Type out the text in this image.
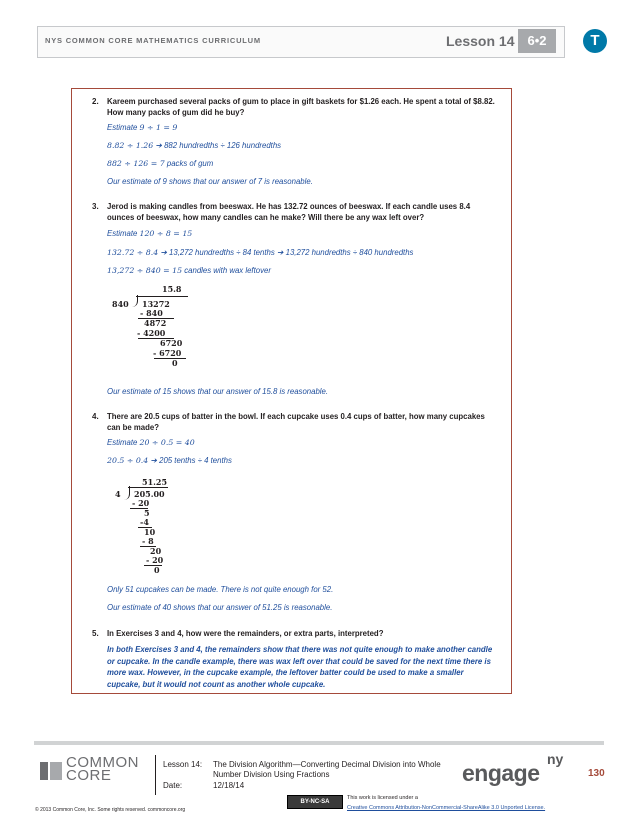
NYS COMMON CORE MATHEMATICS CURRICULUM	Lesson 14	6•2	T
2. Kareem purchased several packs of gum to place in gift baskets for $1.26 each. He spent a total of $8.82. How many packs of gum did he buy?
Estimate 9 ÷ 1 = 9
8.82 ÷ 1.26 ➔ 882 hundredths ÷ 126 hundredths
882 ÷ 126 = 7 packs of gum
Our estimate of 9 shows that our answer of 7 is reasonable.
3. Jerod is making candles from beeswax. He has 132.72 ounces of beeswax. If each candle uses 8.4 ounces of beeswax, how many candles can he make? Will there be any wax left over?
Estimate 120 ÷ 8 = 15
132.72 ÷ 8.4 ➔ 13,272 hundredths ÷ 84 tenths ➔ 13,272 hundredths ÷ 840 hundredths
13,272 ÷ 840 = 15 candles with wax leftover
15.8
840 13272
- 840
4872
- 4200
6720
- 6720
0
Our estimate of 15 shows that our answer of 15.8 is reasonable.
4. There are 20.5 cups of batter in the bowl. If each cupcake uses 0.4 cups of batter, how many cupcakes can be made?
Estimate 20 ÷ 0.5 = 40
20.5 ÷ 0.4 ➔ 205 tenths ÷ 4 tenths
51.25
4 205.00
- 20
5
-4
10
- 8
20
- 20
0
Only 51 cupcakes can be made. There is not quite enough for 52.
Our estimate of 40 shows that our answer of 51.25 is reasonable.
5. In Exercises 3 and 4, how were the remainders, or extra parts, interpreted?
In both Exercises 3 and 4, the remainders show that there was not quite enough to make another candle or cupcake. In the candle example, there was wax left over that could be saved for the next time there is more wax. However, in the cupcake example, the leftover batter could be used to make a smaller cupcake, but it would not count as another whole cupcake.
COMMON
CORE
Lesson 14: The Division Algorithm—Converting Decimal Division into Whole Number Division Using Fractions
Date:	12/18/14	engage
ny
130
© 2013 Common Core, Inc. Some rights reserved. commoncore.org
BY-NC-SA
This work is licensed under a
Creative Commons Attribution-NonCommercial-ShareAlike 3.0 Unported License.
